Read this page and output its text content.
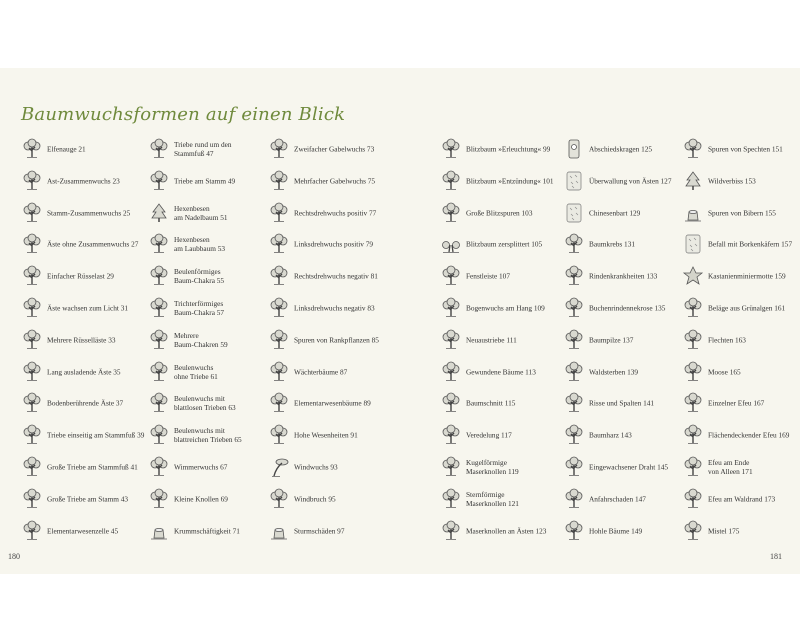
Baumwuchsformen auf einen Blick
Elfenauge 21
Ast-Zusammenwuchs 23
Stamm-Zusammenwuchs 25
Äste ohne Zusammenwuchs 27
Einfacher Rüsselast 29
Äste wachsen zum Licht 31
Mehrere Rüsselläste 33
Lang ausladende Äste 35
Bodenberührende Äste 37
Triebe einseitig am Stammfuß 39
Große Triebe am Stammfuß 41
Große Triebe am Stamm 43
Elementarwesenzelle 45
Triebe rund um den
Stammfuß 47
Triebe am Stamm 49
Hexenbesen
am Nadelbaum 51
Hexenbesen
am Laubbaum 53
Beulenförmiges
Baum-Chakra 55
Trichterförmiges
Baum-Chakra 57
Mehrere
Baum-Chakren 59
Beulenwuchs
ohne Triebe 61
Beulenwuchs mit
blattlosen Trieben 63
Beulenwuchs mit
blattreichen Trieben 65
Wimmerwuchs 67
Kleine Knollen 69
Krummschäftigkeit 71
Zweifacher Gabelwuchs 73
Mehrfacher Gabelwuchs 75
Rechtsdrehwuchs positiv 77
Linksdrehwuchs positiv 79
Rechtsdrehwuchs negativ 81
Linksdrehwuchs negativ 83
Spuren von Rankpflanzen 85
Wächterbäume 87
Elementarwesenbäume 89
Hohe Wesenheiten 91
Windwuchs 93
Windbruch 95
Sturmschäden 97
Blitzbaum »Erleuchtung« 99
Blitzbaum »Entzündung« 101
Große Blitzspuren 103
Blitzbaum zersplittert 105
Fenstleiste 107
Bogenwuchs am Hang 109
Neuaustriebe 111
Gewundene Bäume 113
Baumschnitt 115
Veredelung 117
Kugelförmige
Maserknollen 119
Sternförmige
Maserknollen 121
Maserknollen an Ästen 123
Abschiedskragen 125
Überwallung von Ästen 127
Chinesenbart 129
Baumkrebs 131
Rindenkrankheiten 133
Buchenrindennekrose 135
Baumpilze 137
Waldsterben 139
Risse und Spalten 141
Baumharz 143
Eingewachsener Draht 145
Anfahrschaden 147
Hohle Bäume 149
Spuren von Spechten 151
Wildverbiss 153
Spuren von Bibern 155
Befall mit Borkenkäfern 157
Kastanienminiermotte 159
Beläge aus Grünalgen 161
Flechten 163
Moose 165
Einzelner Efeu 167
Flächendeckender Efeu 169
Efeu am Ende
von Alleen 171
Efeu am Waldrand 173
Mistel 175
180	181
